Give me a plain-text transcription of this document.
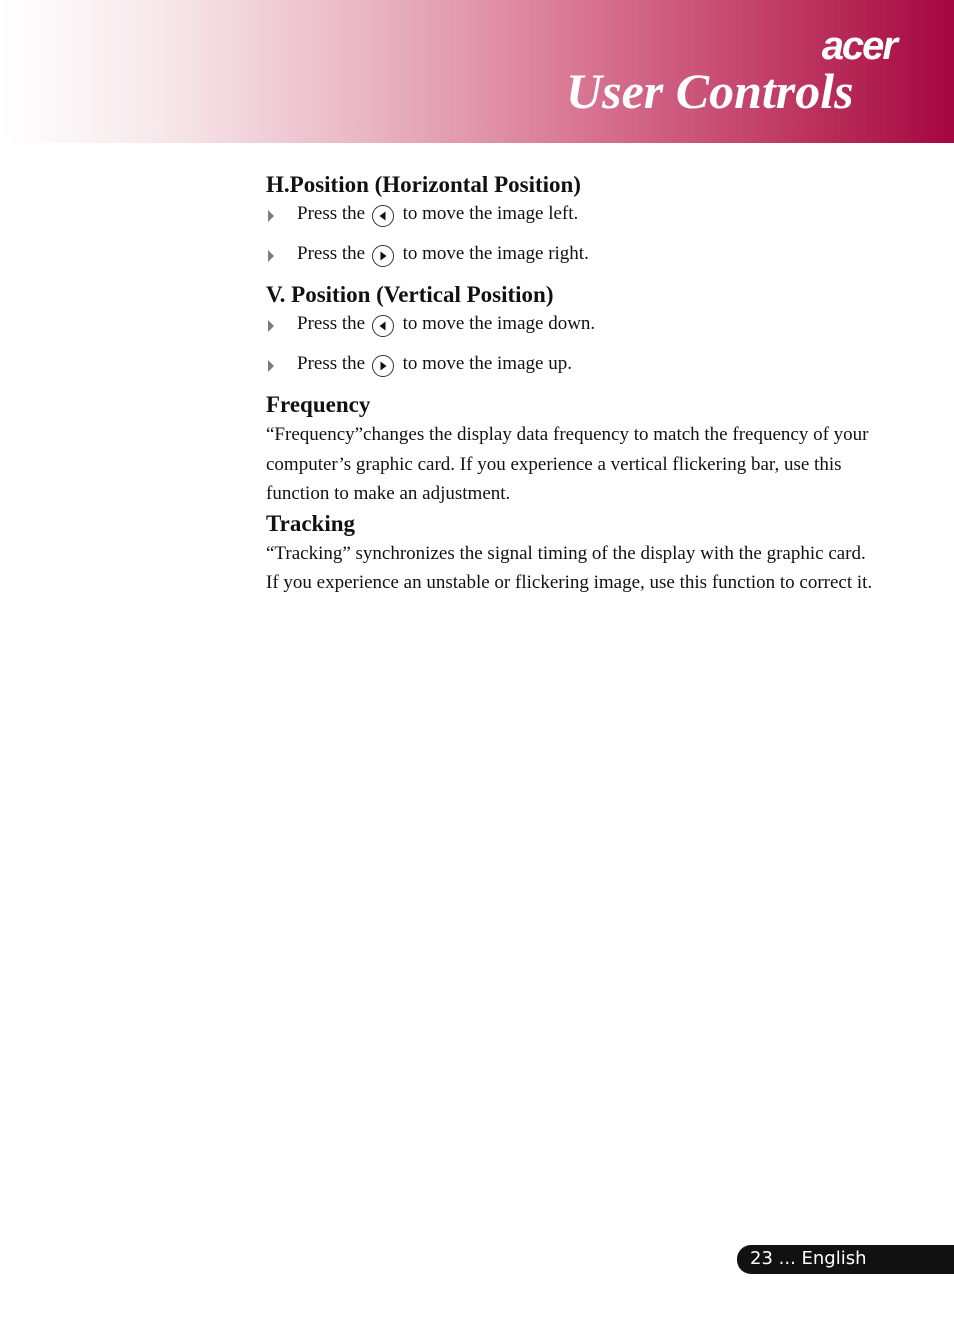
acer
User Controls
H.Position (Horizontal Position)
Press the to move the image left.
Press the to move the image right.
V. Position (Vertical Position)
Press the to move the image down.
Press the to move the image up.
Frequency

“Frequency”changes the display data frequency to match the frequency of your computer’s graphic card. If you experience a vertical flickering bar, use this function to make an adjustment.

Tracking

“Tracking” synchronizes the signal timing of the display with the graphic card. If you experience an unstable or flickering image, use this function to correct it.

23 ... English
